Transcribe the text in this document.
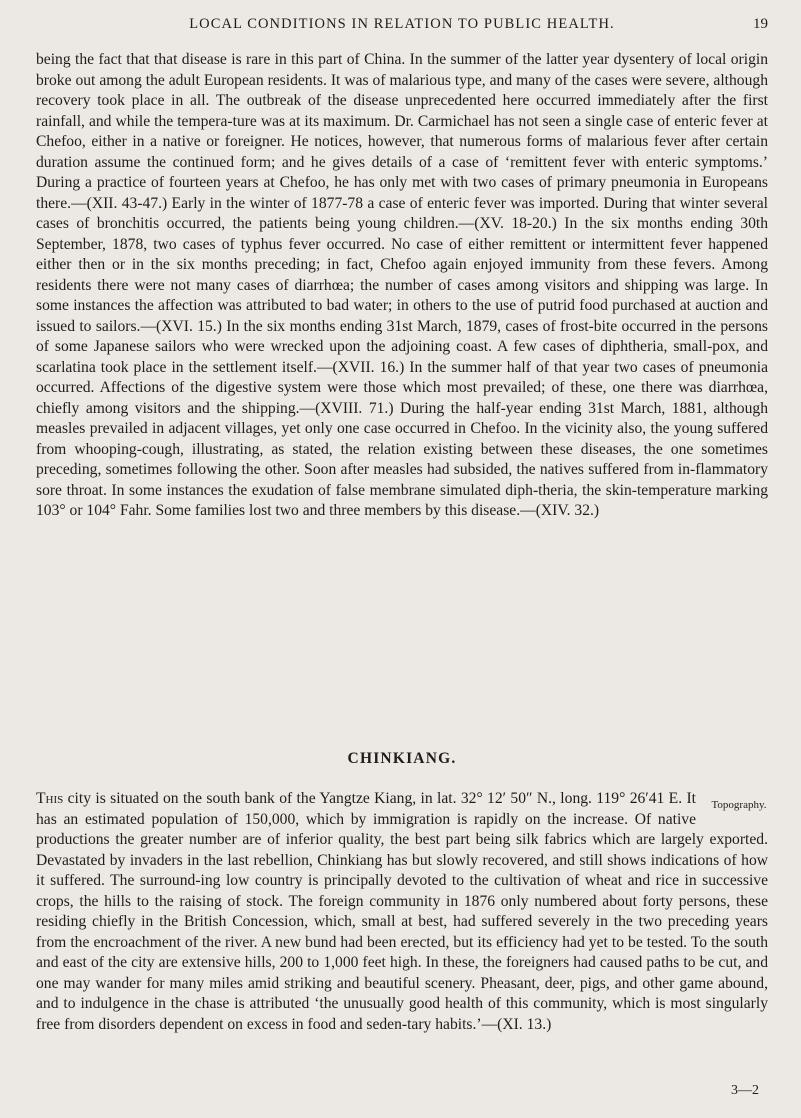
LOCAL CONDITIONS IN RELATION TO PUBLIC HEALTH.	19

being the fact that that disease is rare in this part of China. In the summer of the latter year dysentery of local origin broke out among the adult European residents. It was of malarious type, and many of the cases were severe, although recovery took place in all. The outbreak of the disease unprecedented here occurred immediately after the first rainfall, and while the tempera-ture was at its maximum. Dr. Carmichael has not seen a single case of enteric fever at Chefoo, either in a native or foreigner. He notices, however, that numerous forms of malarious fever after certain duration assume the continued form; and he gives details of a case of ‘remittent fever with enteric symptoms.’ During a practice of fourteen years at Chefoo, he has only met with two cases of primary pneumonia in Europeans there.—(XII. 43-47.) Early in the winter of 1877-78 a case of enteric fever was imported. During that winter several cases of bronchitis occurred, the patients being young children.—(XV. 18-20.) In the six months ending 30th September, 1878, two cases of typhus fever occurred. No case of either remittent or intermittent fever happened either then or in the six months preceding; in fact, Chefoo again enjoyed immunity from these fevers. Among residents there were not many cases of diarrhœa; the number of cases among visitors and shipping was large. In some instances the affection was attributed to bad water; in others to the use of putrid food purchased at auction and issued to sailors.—(XVI. 15.) In the six months ending 31st March, 1879, cases of frost-bite occurred in the persons of some Japanese sailors who were wrecked upon the adjoining coast. A few cases of diphtheria, small-pox, and scarlatina took place in the settlement itself.—(XVII. 16.) In the summer half of that year two cases of pneumonia occurred. Affections of the digestive system were those which most prevailed; of these, one there was diarrhœa, chiefly among visitors and the shipping.—(XVIII. 71.) During the half-year ending 31st March, 1881, although measles prevailed in adjacent villages, yet only one case occurred in Chefoo. In the vicinity also, the young suffered from whooping-cough, illustrating, as stated, the relation existing between these diseases, the one sometimes preceding, sometimes following the other. Soon after measles had subsided, the natives suffered from in-flammatory sore throat. In some instances the exudation of false membrane simulated diph-theria, the skin-temperature marking 103° or 104° Fahr. Some families lost two and three members by this disease.—(XIV. 32.)

CHINKIANG.

Topography.
This city is situated on the south bank of the Yangtze Kiang, in lat. 32° 12′ 50″ N., long. 119° 26′41 E. It has an estimated population of 150,000, which by immigration is rapidly on the increase. Of native productions the greater number are of inferior quality, the best part being silk fabrics which are largely exported. Devastated by invaders in the last rebellion, Chinkiang has but slowly recovered, and still shows indications of how it suffered. The surround-ing low country is principally devoted to the cultivation of wheat and rice in successive crops, the hills to the raising of stock. The foreign community in 1876 only numbered about forty persons, these residing chiefly in the British Concession, which, small at best, had suffered severely in the two preceding years from the encroachment of the river. A new bund had been erected, but its efficiency had yet to be tested. To the south and east of the city are extensive hills, 200 to 1,000 feet high. In these, the foreigners had caused paths to be cut, and one may wander for many miles amid striking and beautiful scenery. Pheasant, deer, pigs, and other game abound, and to indulgence in the chase is attributed ‘the unusually good health of this community, which is most singularly free from disorders dependent on excess in food and seden-tary habits.’—(XI. 13.)

3—2
